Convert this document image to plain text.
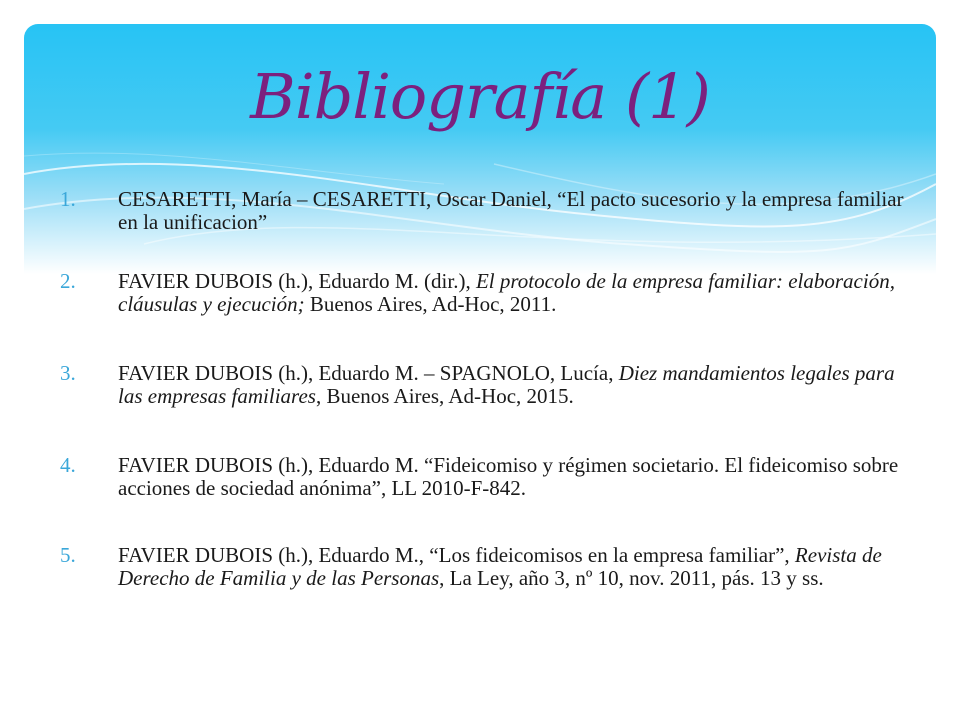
Bibliografía (1)
1.	CESARETTI, María – CESARETTI, Oscar Daniel, “El pacto sucesorio y la empresa familiar en la unificacion”
2.	FAVIER DUBOIS (h.), Eduardo M. (dir.), El protocolo de la empresa familiar: elaboración, cláusulas y ejecución; Buenos Aires, Ad-Hoc, 2011.
3.	FAVIER DUBOIS (h.), Eduardo M. – SPAGNOLO, Lucía, Diez mandamientos legales para las empresas familiares, Buenos Aires, Ad-Hoc, 2015.
4.	FAVIER DUBOIS (h.), Eduardo M. “Fideicomiso y régimen societario. El fideicomiso sobre acciones de sociedad anónima”, LL 2010-F-842.
5.	FAVIER DUBOIS (h.), Eduardo M., “Los fideicomisos en la empresa familiar”, Revista de Derecho de Familia y de las Personas, La Ley, año 3, nº 10, nov. 2011, pás. 13 y ss.
